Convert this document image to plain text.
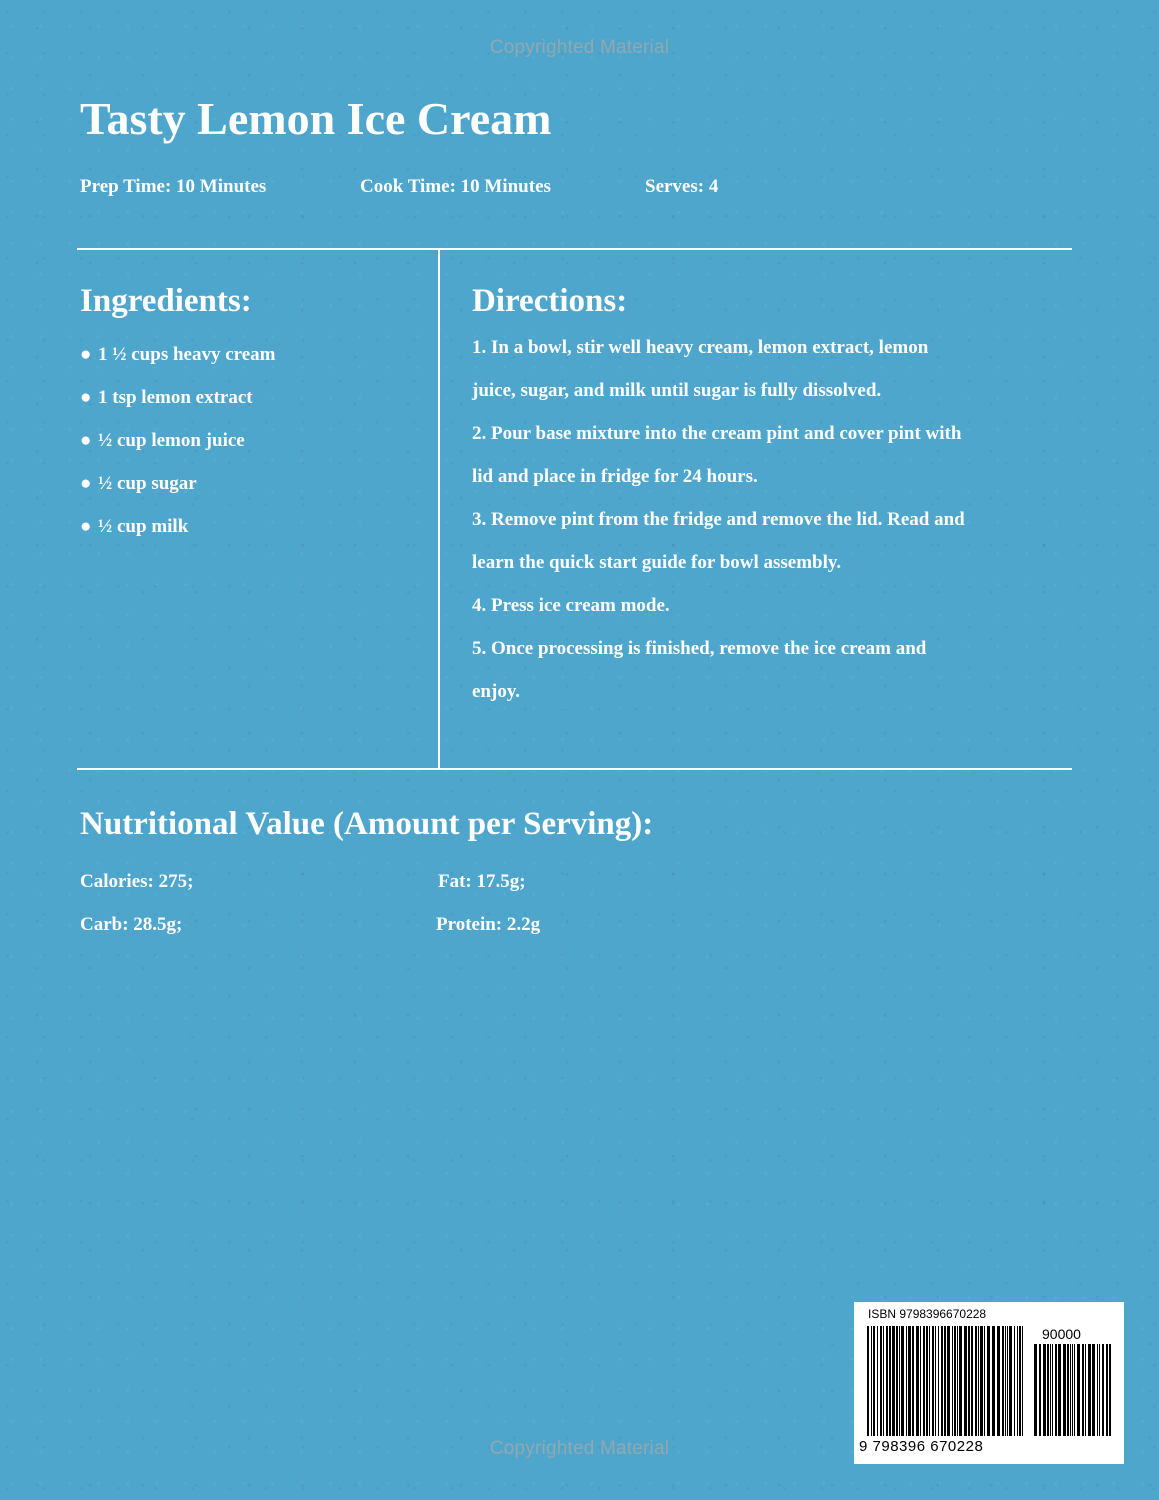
Copyrighted Material
Tasty Lemon Ice Cream
Prep Time: 10 Minutes	Cook Time: 10 Minutes	Serves: 4
Ingredients:
● 1 ½ cups heavy cream
● 1 tsp lemon extract
● ½ cup lemon juice
● ½ cup sugar
● ½ cup milk
Directions:
1. In a bowl, stir well heavy cream, lemon extract, lemon
juice, sugar, and milk until sugar is fully dissolved.
2. Pour base mixture into the cream pint and cover pint with
lid and place in fridge for 24 hours.
3. Remove pint from the fridge and remove the lid. Read and
learn the quick start guide for bowl assembly.
4. Press ice cream mode.
5. Once processing is finished, remove the ice cream and
enjoy.
Nutritional Value (Amount per Serving):
Calories: 275;	Fat: 17.5g;
Carb: 28.5g;	Protein: 2.2g
ISBN 9798396670228
90000
9 798396 670228
Copyrighted Material
